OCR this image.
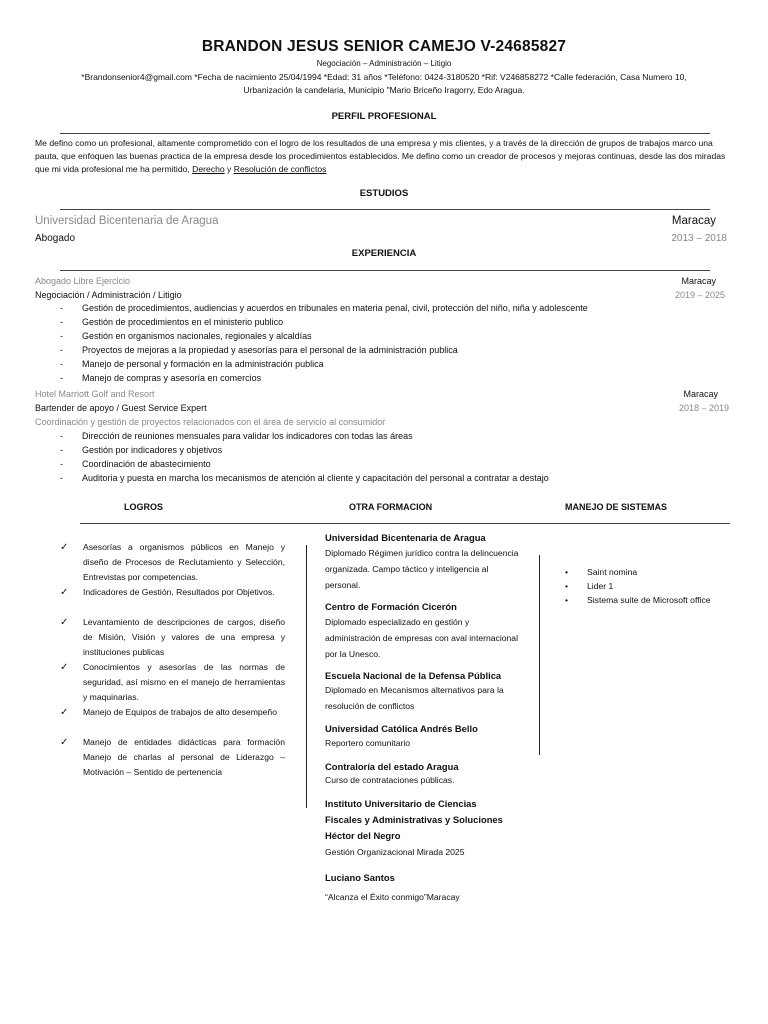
BRANDON JESUS SENIOR CAMEJO V-24685827
Negociación – Administración – Litigio
*Brandonsenior4@gmail.com *Fecha de nacimiento 25/04/1994 *Edad: 31 años *Teléfono: 0424-3180520 *Rif: V246858272 *Calle federación, Casa Numero 10,
Urbanización la candelaria, Municipio "Mario Briceño Iragorry, Edo Aragua.
PERFIL PROFESIONAL
Me defino como un profesional, altamente comprometido con el logro de los resultados de una empresa y mis clientes, y a través de la dirección de grupos de trabajos marco una pauta, que enfoquen las buenas practica de la empresa desde los procedimientos establecidos. Me defino como un creador de procesos y mejoras continuas, desde las dos miradas que mi vida profesional me ha permitido, Derecho y Resolución de conflictos
ESTUDIOS
Universidad Bicentenaria de Aragua	Maracay
Abogado	2013 – 2018
EXPERIENCIA
Abogado Libre Ejercicio	Maracay
Negociación / Administración / Litigio	2019 – 2025
- Gestión de procedimientos, audiencias y acuerdos en tribunales en materia penal, civil, protección del niño, niña y adolescente
- Gestión de procedimientos en el ministerio publico
- Gestión en organismos nacionales, regionales y alcaldías
- Proyectos de mejoras a la propiedad y asesorías para el personal de la administración publica
- Manejo de personal y formación en la administración publica
- Manejo de compras y asesoría en comercios
Hotel Marriott Golf and Resort	Maracay
Bartender de apoyo / Guest Service Expert	2018 – 2019
Coordinación y gestión de proyectos relacionados con el área de servicio al consumidor
- Dirección de reuniones mensuales para validar los indicadores con todas las áreas
- Gestión por indicadores y objetivos
- Coordinación de abastecimiento
- Auditoria y puesta en marcha los mecanismos de atención al cliente y capacitación del personal a contratar a destajo
LOGROS	OTRA FORMACION	MANEJO DE SISTEMAS
✓ Asesorías a organismos públicos en Manejo y diseño de Procesos de Reclutamiento y Selección, Entrevistas por competencias.
✓ Indicadores de Gestión, Resultados por Objetivos.
✓ Levantamiento de descripciones de cargos, diseño de Misión, Visión y valores de una empresa y instituciones publicas
✓ Conocimientos y asesorías de las normas de seguridad, así mismo en el manejo de herramientas y maquinarias.
✓ Manejo de Equipos de trabajos de alto desempeño
✓ Manejo de entidades didácticas para formación Manejo de charlas al personal de Liderazgo –Motivación – Sentido de pertenencia
Universidad Bicentenaria de Aragua
Diplomado Régimen jurídico contra la delincuencia organizada. Campo táctico y inteligencia al personal.
Centro de Formación Cicerón
Diplomado especializado en gestión y administración de empresas con aval internacional por la Unesco.
Escuela Nacional de la Defensa Pública
Diplomado en Mecanismos alternativos para la resolución de conflictos
Universidad Católica Andrés Bello
Reportero comunitario
Contraloría del estado Aragua
Curso de contrataciones públicas.
Instituto Universitario de Ciencias Fiscales y Administrativas y Soluciones Héctor del Negro
Gestión Organizacional Mirada 2025
Luciano Santos
“Alcanza el Éxito conmigo”Maracay
• Saint nomina
• Lider 1
• Sistema suite de Microsoft office
